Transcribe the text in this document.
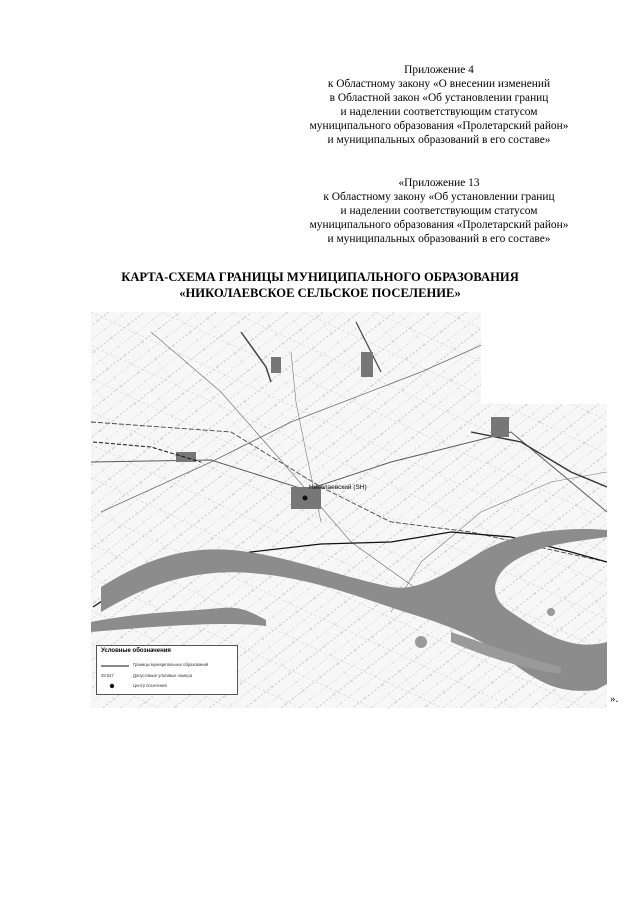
Приложение 4
к Областному закону «О внесении изменений
в Областной закон «Об установлении границ
и наделении соответствующим статусом
муниципального образования «Пролетарский район»
и муниципальных образований в его составе»
«Приложение 13
к Областному закону «Об установлении границ
и наделении соответствующим статусом
муниципального образования «Пролетарский район»
и муниципальных образований в его составе»
КАРТА-СХЕМА ГРАНИЦЫ МУНИЦИПАЛЬНОГО ОБРАЗОВАНИЯ
«НИКОЛАЕВСКОЕ СЕЛЬСКОЕ ПОСЕЛЕНИЕ»
Николаевский (SH)
Условные обозначения
Границы муниципальных образований
25:047	Допустимые ультивые номера
Центр поселения
».
